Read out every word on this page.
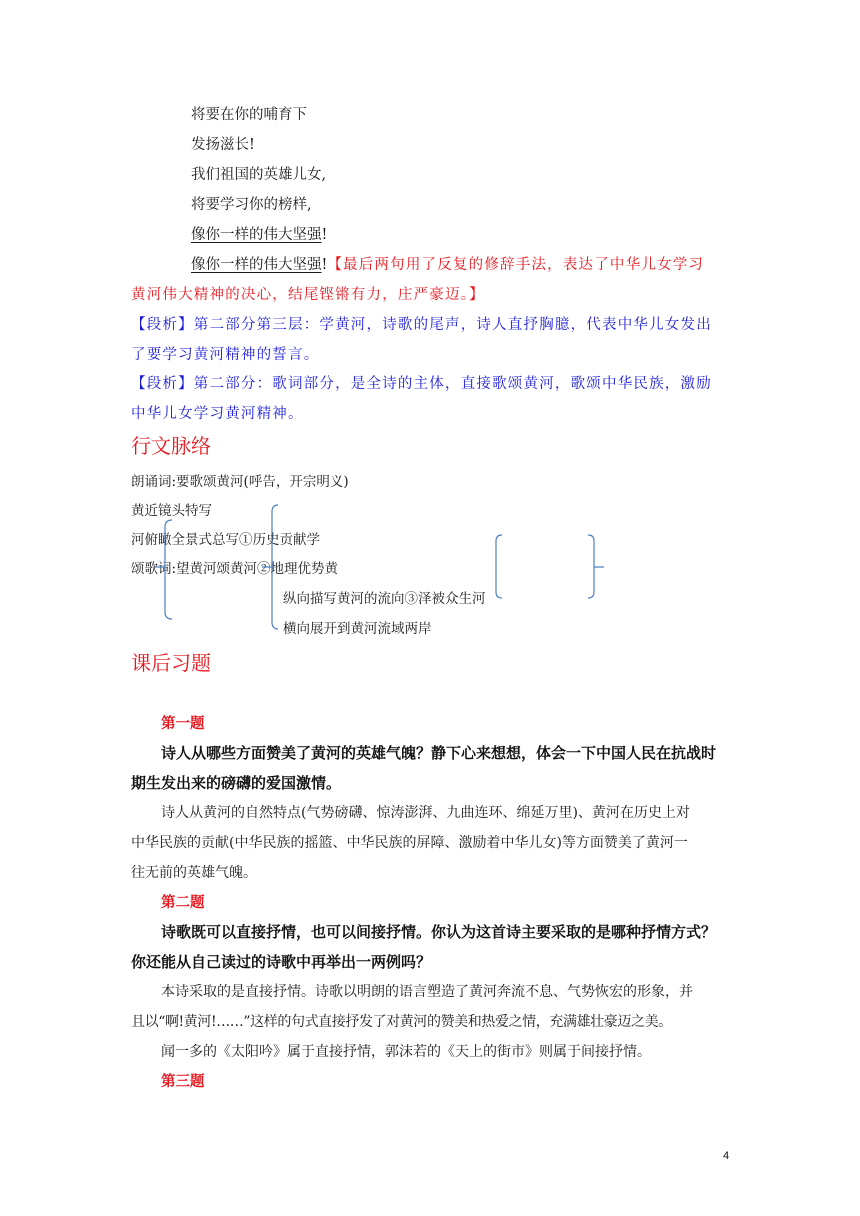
将要在你的哺育下
发扬滋长!
我们祖国的英雄儿女,
将要学习你的榜样,
像你一样的伟大坚强!
像你一样的伟大坚强!【最后两句用了反复的修辞手法，表达了中华儿女学习
黄河伟大精神的决心，结尾铿锵有力，庄严豪迈。】
【段析】第二部分第三层：学黄河，诗歌的尾声，诗人直抒胸臆，代表中华儿女发出
了要学习黄河精神的誓言。
【段析】第二部分：歌词部分，是全诗的主体，直接歌颂黄河，歌颂中华民族，激励
中华儿女学习黄河精神。
行文脉络
朗诵词:要歌颂黄河(呼告，开宗明义)
黄近镜头特写
河俯瞰全景式总写①历史贡献学
颂歌词:望黄河颂黄河②地理优势黄
纵向描写黄河的流向③泽被众生河
横向展开到黄河流域两岸
课后习题
第一题
诗人从哪些方面赞美了黄河的英雄气魄？静下心来想想，体会一下中国人民在抗战时
期生发出来的磅礴的爱国激情。
诗人从黄河的自然特点(气势磅礴、惊涛澎湃、九曲连环、绵延万里)、黄河在历史上对
中华民族的贡献(中华民族的摇篮、中华民族的屏障、激励着中华儿女)等方面赞美了黄河一
往无前的英雄气魄。
第二题
诗歌既可以直接抒情，也可以间接抒情。你认为这首诗主要采取的是哪种抒情方式？
你还能从自己读过的诗歌中再举出一两例吗？
本诗采取的是直接抒情。诗歌以明朗的语言塑造了黄河奔流不息、气势恢宏的形象，并
且以“啊!黄河!……”这样的句式直接抒发了对黄河的赞美和热爱之情，充满雄壮豪迈之美。
闻一多的《太阳吟》属于直接抒情，郭沫若的《天上的街市》则属于间接抒情。
第三题
4
